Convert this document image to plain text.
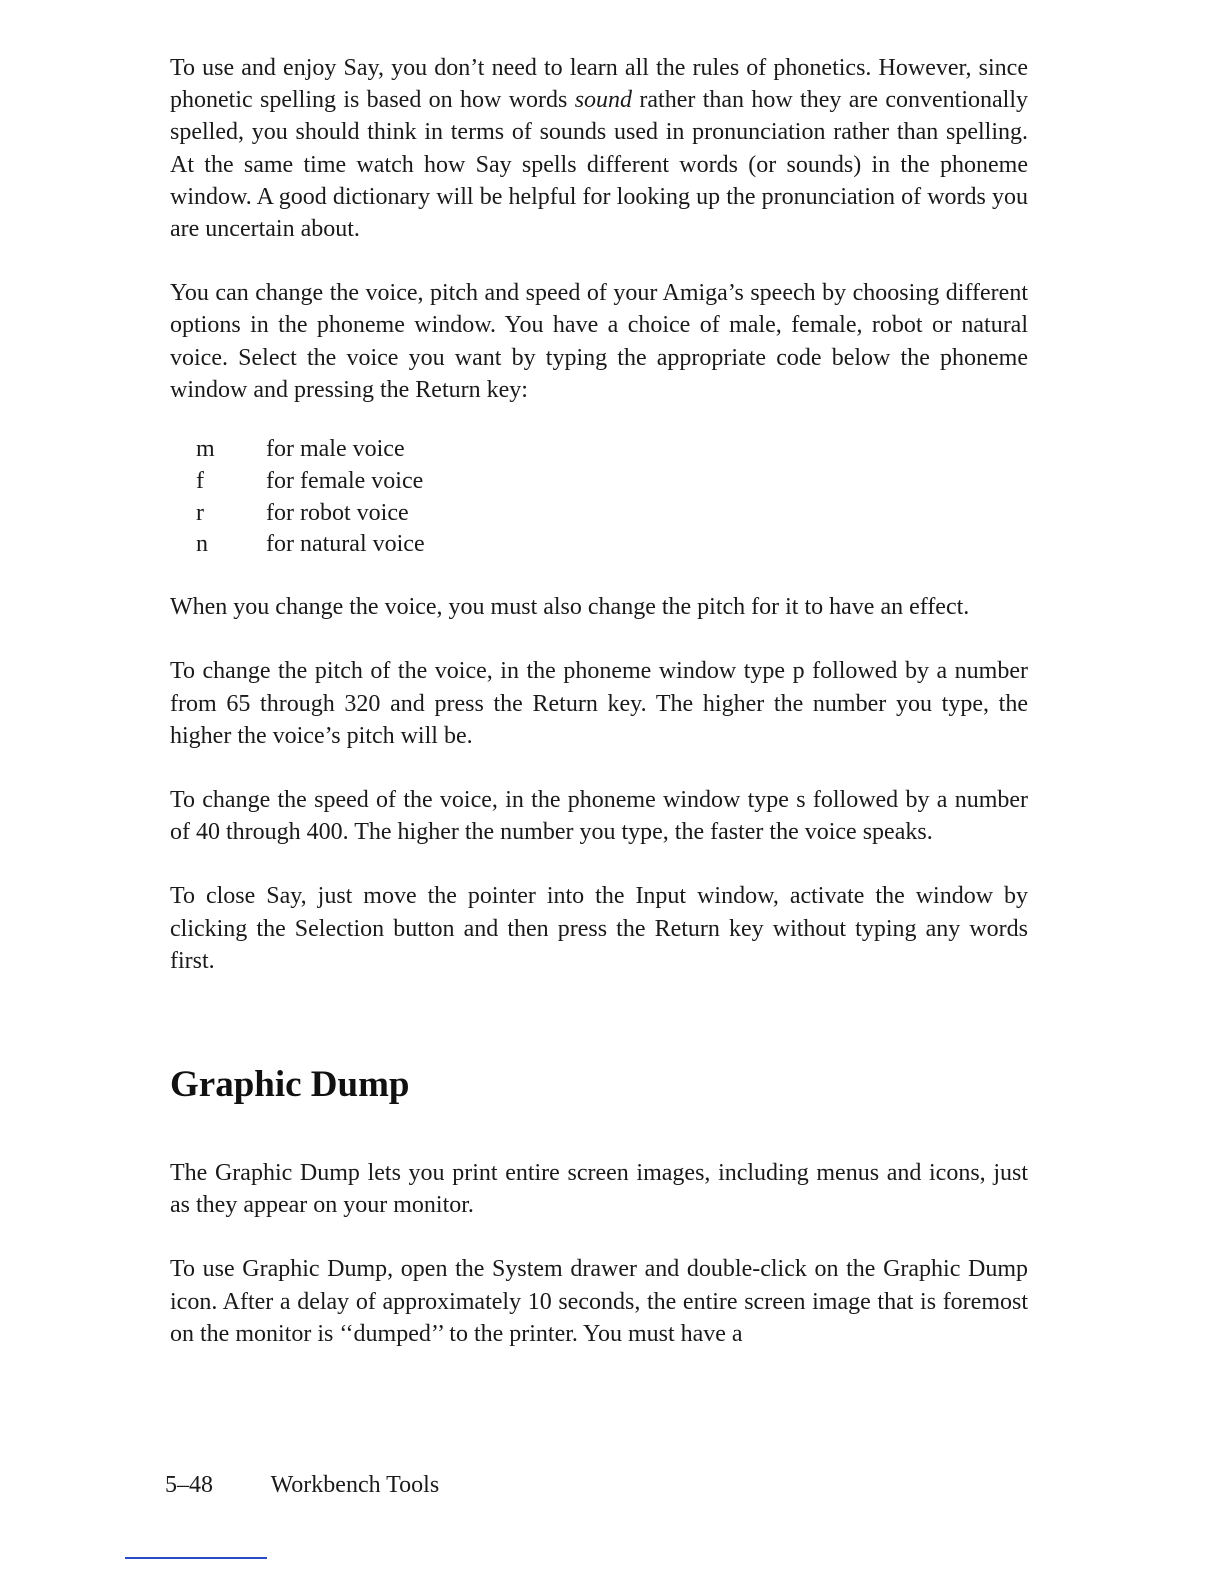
To use and enjoy Say, you don’t need to learn all the rules of phonetics. However, since phonetic spelling is based on how words sound rather than how they are conventionally spelled, you should think in terms of sounds used in pronunciation rather than spelling. At the same time watch how Say spells different words (or sounds) in the phoneme window. A good dictionary will be helpful for looking up the pronunciation of words you are uncertain about.

You can change the voice, pitch and speed of your Amiga’s speech by choosing different options in the phoneme window. You have a choice of male, female, robot or natural voice. Select the voice you want by typing the appropriate code below the phoneme window and pressing the Return key:

m	for male voice
f	for female voice
r	for robot voice
n	for natural voice

When you change the voice, you must also change the pitch for it to have an effect.

To change the pitch of the voice, in the phoneme window type p followed by a number from 65 through 320 and press the Return key. The higher the number you type, the higher the voice’s pitch will be.

To change the speed of the voice, in the phoneme window type s followed by a number of 40 through 400. The higher the number you type, the faster the voice speaks.

To close Say, just move the pointer into the Input window, activate the window by clicking the Selection button and then press the Return key without typing any words first.

Graphic Dump

The Graphic Dump lets you print entire screen images, including menus and icons, just as they appear on your monitor.

To use Graphic Dump, open the System drawer and double-click on the Graphic Dump icon. After a delay of approximately 10 seconds, the entire screen image that is foremost on the monitor is ‘‘dumped’’ to the printer. You must have a

5–48 Workbench Tools
